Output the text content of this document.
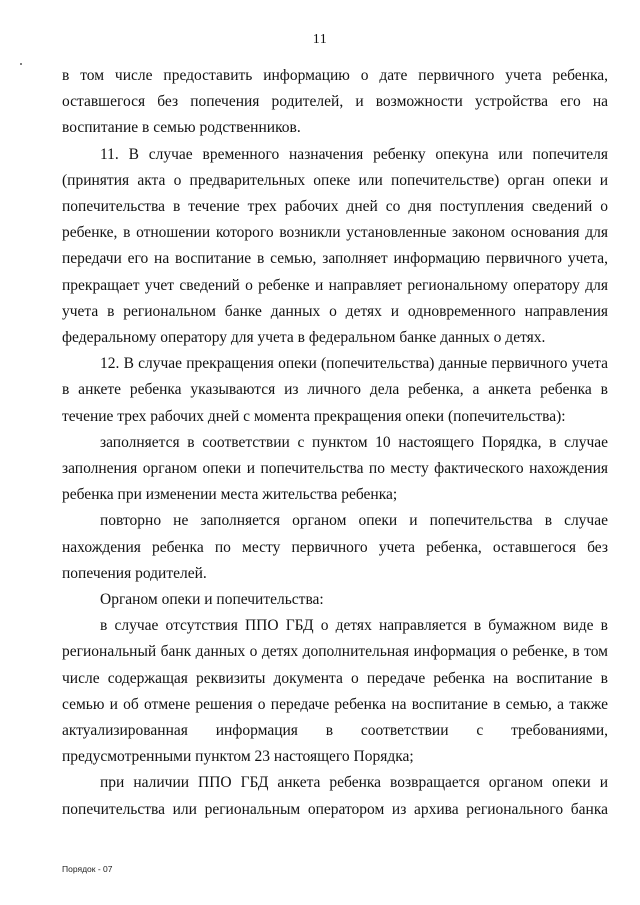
11

в том числе предоставить информацию о дате первичного учета ребенка, оставшегося без попечения родителей, и возможности устройства его на воспитание в семью родственников.

11. В случае временного назначения ребенку опекуна или попечителя (принятия акта о предварительных опеке или попечительстве) орган опеки и попечительства в течение трех рабочих дней со дня поступления сведений о ребенке, в отношении которого возникли установленные законом основания для передачи его на воспитание в семью, заполняет информацию первичного учета, прекращает учет сведений о ребенке и направляет региональному оператору для учета в региональном банке данных о детях и одновременного направления федеральному оператору для учета в федеральном банке данных о детях.

12. В случае прекращения опеки (попечительства) данные первичного учета в анкете ребенка указываются из личного дела ребенка, а анкета ребенка в течение трех рабочих дней с момента прекращения опеки (попечительства):

заполняется в соответствии с пунктом 10 настоящего Порядка, в случае заполнения органом опеки и попечительства по месту фактического нахождения ребенка при изменении места жительства ребенка;

повторно не заполняется органом опеки и попечительства в случае нахождения ребенка по месту первичного учета ребенка, оставшегося без попечения родителей.

Органом опеки и попечительства:

в случае отсутствия ППО ГБД о детях направляется в бумажном виде в региональный банк данных о детях дополнительная информация о ребенке, в том числе содержащая реквизиты документа о передаче ребенка на воспитание в семью и об отмене решения о передаче ребенка на воспитание в семью, а также актуализированная информация в соответствии с требованиями, предусмотренными пунктом 23 настоящего Порядка;

при наличии ППО ГБД анкета ребенка возвращается органом опеки и попечительства или региональным оператором из архива регионального банка

Порядок - 07
